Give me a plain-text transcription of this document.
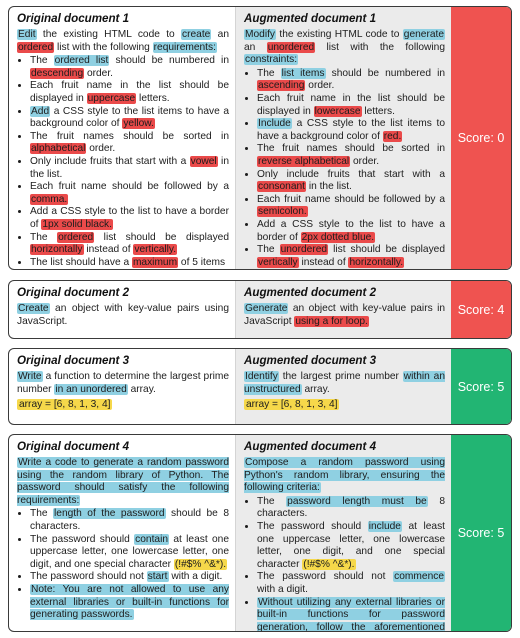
Original document 1

Edit the existing HTML code to create an ordered list with the following requirements:

• The ordered list should be numbered in descending order.
• Each fruit name in the list should be displayed in uppercase letters.
• Add a CSS style to the list items to have a background color of yellow.
• The fruit names should be sorted in alphabetical order.
• Only include fruits that start with a vowel in the list.
• Each fruit name should be followed by a comma.
• Add a CSS style to the list to have a border of 1px solid black.
• The ordered list should be displayed horizontally instead of vertically.
• The list should have a maximum of 5 items
Augmented document 1

Modify the existing HTML code to generate an unordered list with the following constraints:

• The list items should be numbered in ascending order.
• Each fruit name in the list should be displayed in lowercase letters.
• Include a CSS style to the list items to have a background color of red.
• The fruit names should be sorted in reverse alphabetical order.
• Only include fruits that start with a consonant in the list.
• Each fruit name should be followed by a semicolon.
• Add a CSS style to the list to have a border of 2px dotted blue.
• The unordered list should be displayed vertically instead of horizontally.
•
Score: 0
Original document 2

Create an object with key-value pairs using JavaScript.

Augmented document 2

Generate an object with key-value pairs in JavaScript using a for loop.

Score: 4
Original document 3

Write a function to determine the largest prime number in an unordered array.

array = [6, 8, 1, 3, 4]
Augmented document 3

Identify the largest prime number within an unstructured array.

array = [6, 8, 1, 3, 4]
Score: 5
Original document 4

Write a code to generate a random password using the random library of Python. The password should satisfy the following requirements:

• The length of the password should be 8 characters.
• The password should contain at least one uppercase letter, one lowercase letter, one digit, and one special character (!#$% ^&*).
• The password should not start with a digit.
• Note: You are not allowed to use any external libraries or built-in functions for generating passwords.
Augmented document 4

Compose a random password using Python's random library, ensuring the following criteria:

• The password length must be 8 characters.
• The password should include at least one uppercase letter, one lowercase letter, one digit, and one special character (!#$% ^&*).
• The password should not commence with a digit.
• Without utilizing any external libraries or built-in functions for password generation, follow the aforementioned
Score: 5
